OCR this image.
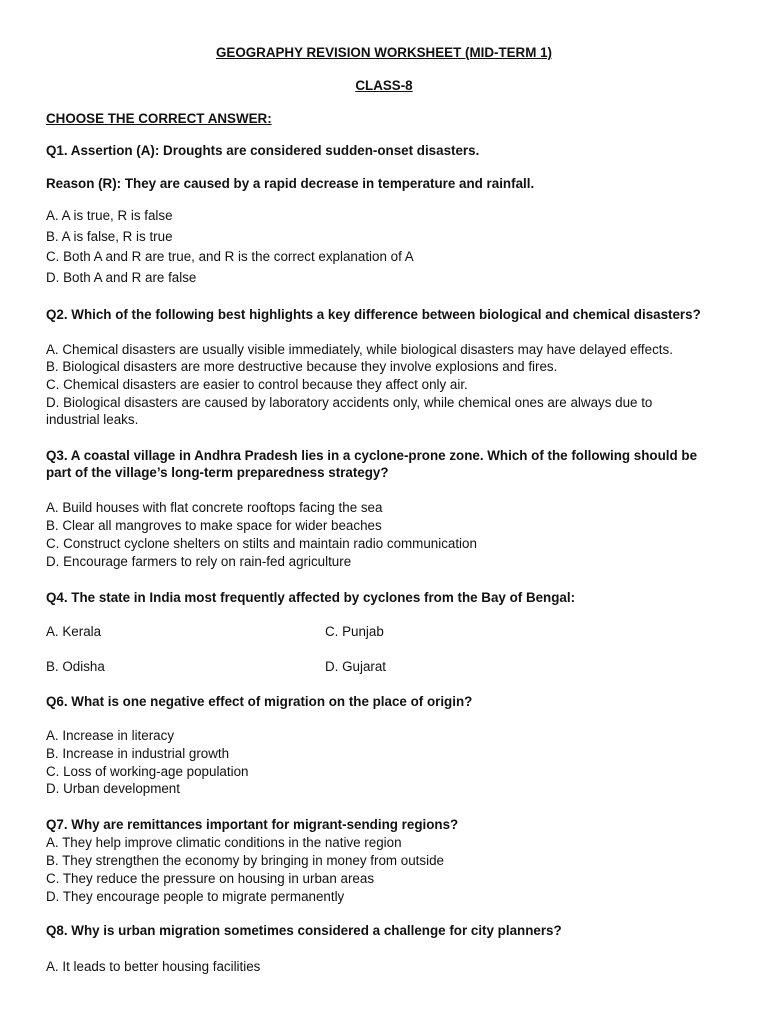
GEOGRAPHY REVISION WORKSHEET (MID-TERM 1)
CLASS-8
CHOOSE THE CORRECT ANSWER:
Q1. Assertion (A): Droughts are considered sudden-onset disasters.
Reason (R): They are caused by a rapid decrease in temperature and rainfall.
A. A is true, R is false
B. A is false, R is true
C. Both A and R are true, and R is the correct explanation of A
D. Both A and R are false
Q2. Which of the following best highlights a key difference between biological and chemical disasters?
A. Chemical disasters are usually visible immediately, while biological disasters may have delayed effects.
B. Biological disasters are more destructive because they involve explosions and fires.
C. Chemical disasters are easier to control because they affect only air.
D. Biological disasters are caused by laboratory accidents only, while chemical ones are always due to
industrial leaks.
Q3. A coastal village in Andhra Pradesh lies in a cyclone-prone zone. Which of the following should be
part of the village’s long-term preparedness strategy?
A. Build houses with flat concrete rooftops facing the sea
B. Clear all mangroves to make space for wider beaches
C. Construct cyclone shelters on stilts and maintain radio communication
D. Encourage farmers to rely on rain-fed agriculture
Q4. The state in India most frequently affected by cyclones from the Bay of Bengal:
A. Kerala	C. Punjab
B. Odisha	D. Gujarat
Q6. What is one negative effect of migration on the place of origin?
A. Increase in literacy
B. Increase in industrial growth
C. Loss of working-age population
D. Urban development
Q7. Why are remittances important for migrant-sending regions?
A. They help improve climatic conditions in the native region
B. They strengthen the economy by bringing in money from outside
C. They reduce the pressure on housing in urban areas
D. They encourage people to migrate permanently
Q8. Why is urban migration sometimes considered a challenge for city planners?
A. It leads to better housing facilities
